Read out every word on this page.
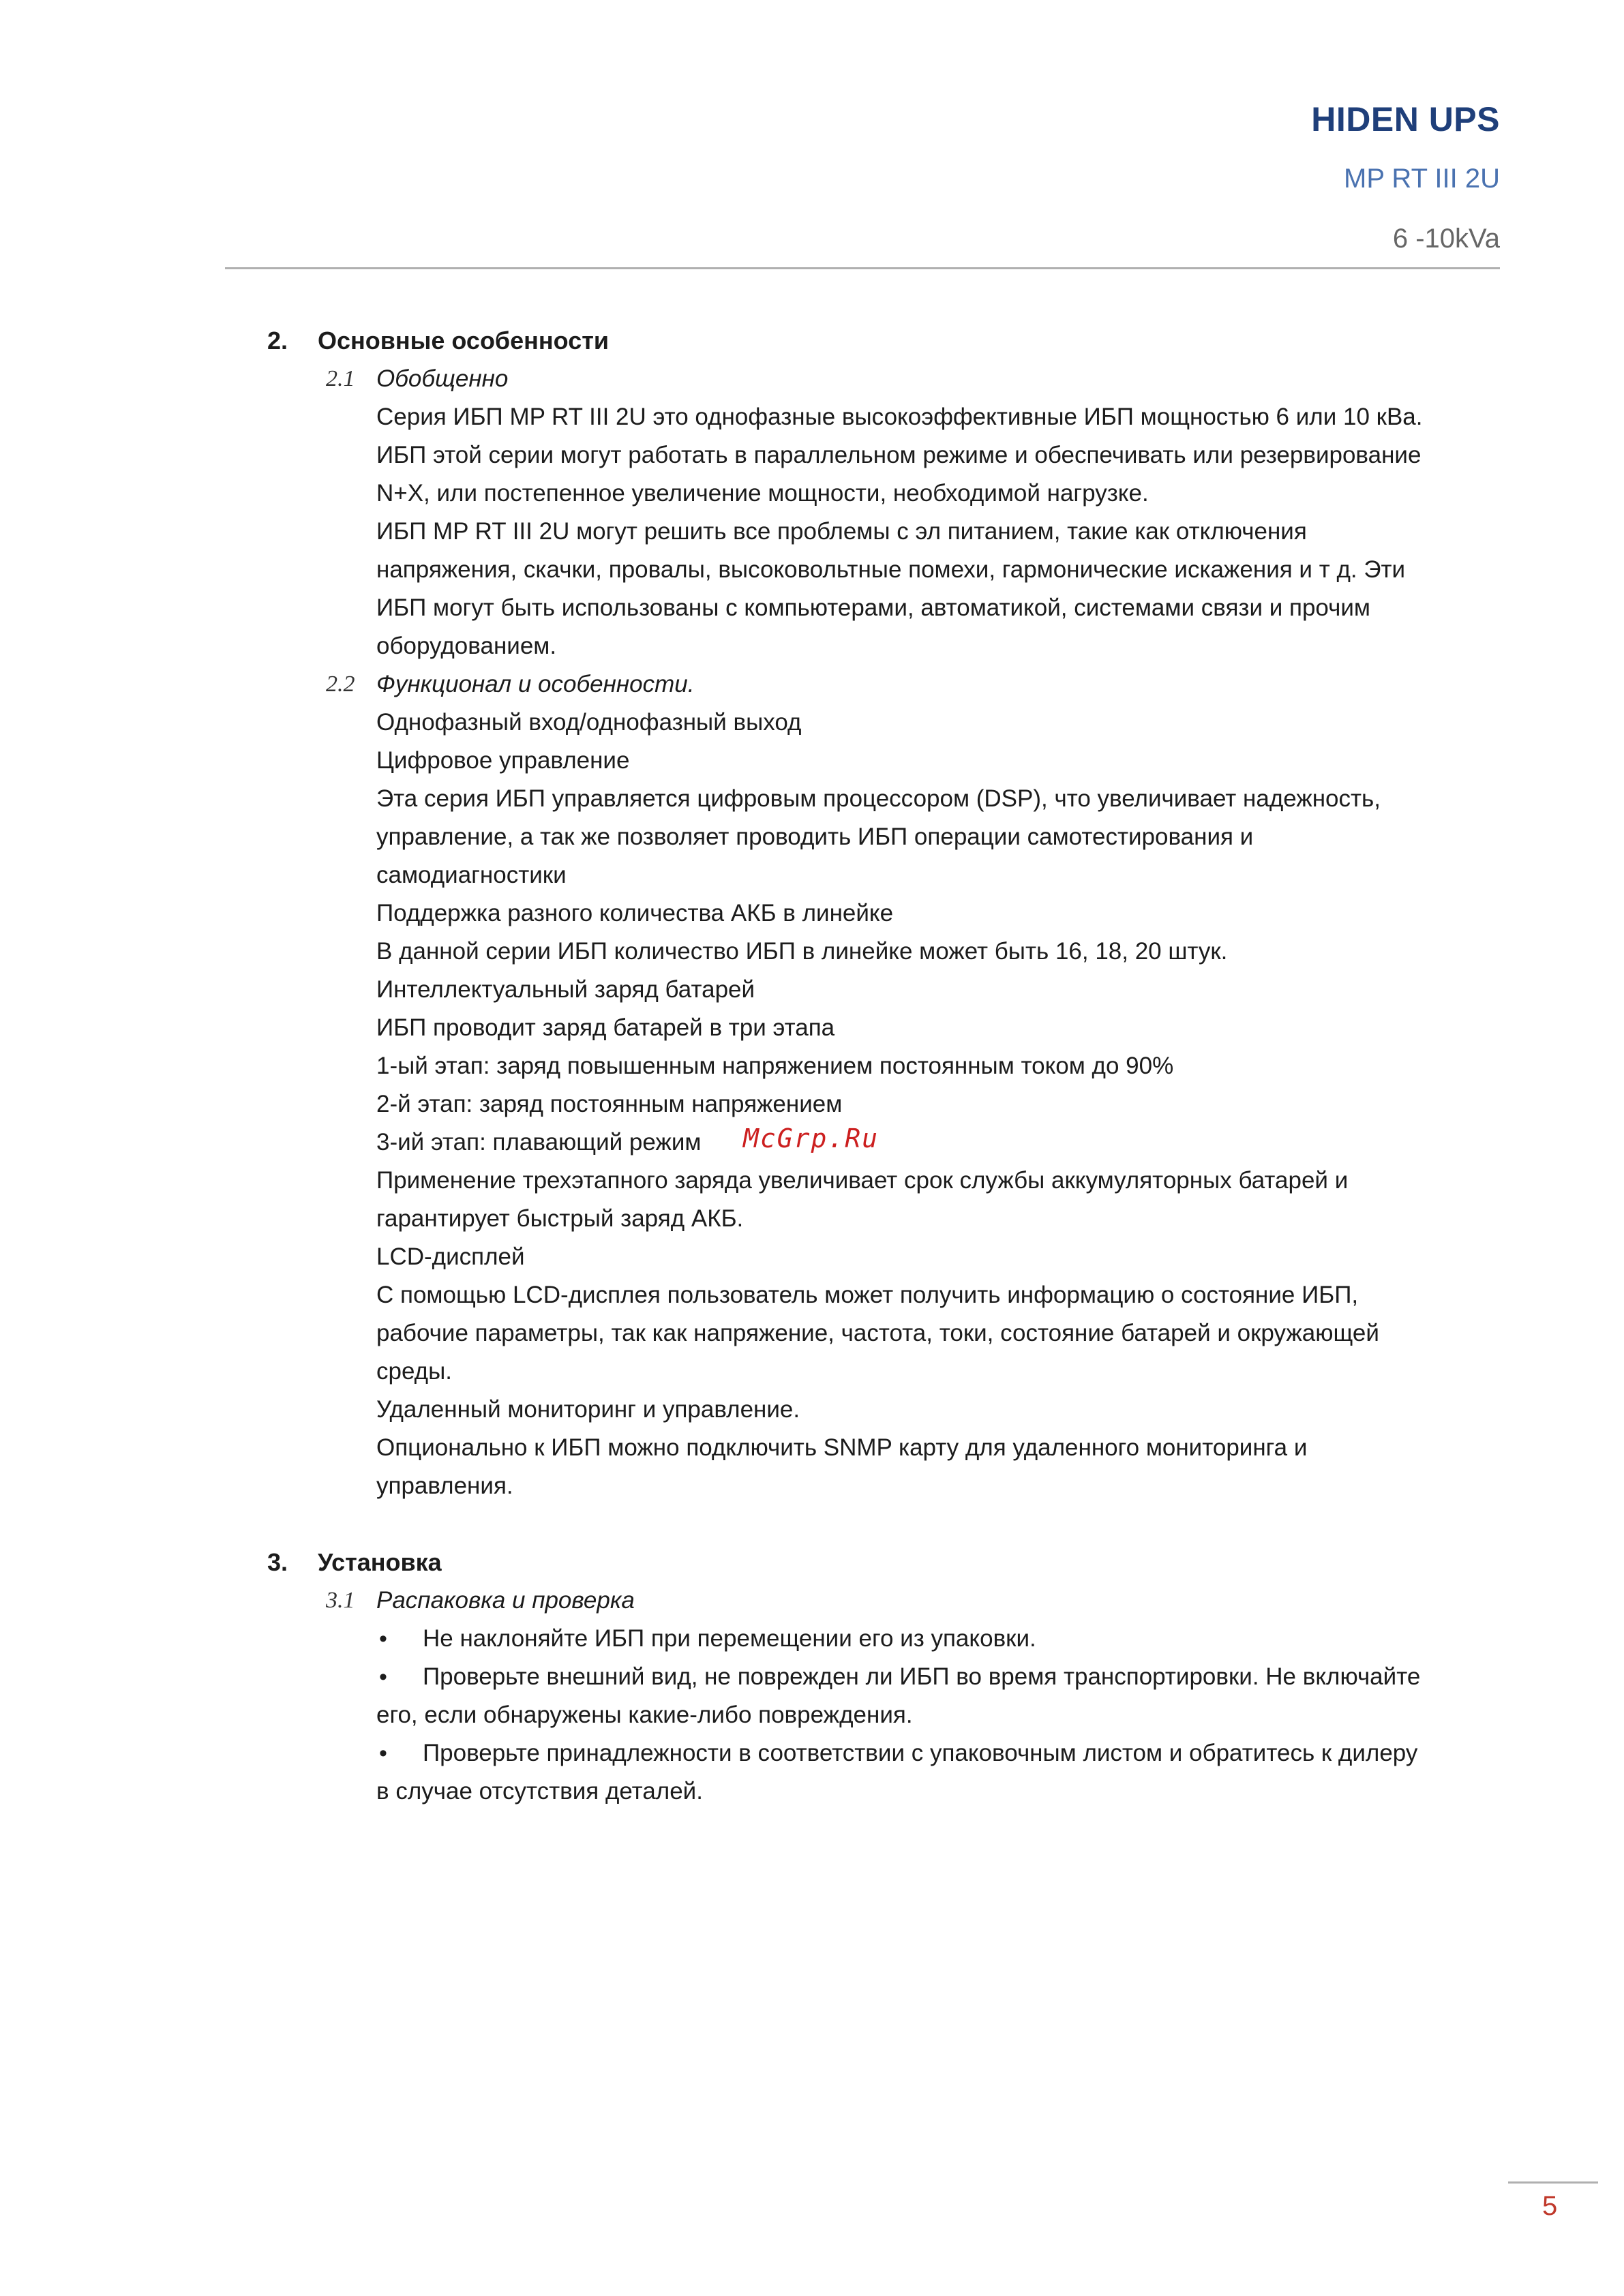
HIDEN UPS
MP RT III 2U
6 -10kVa
2. Основные особенности
2.1 Обобщенно
Серия ИБП MP RT III 2U это однофазные высокоэффективные ИБП мощностью 6 или 10 кВа.
ИБП этой серии могут работать в параллельном режиме и обеспечивать или резервирование
N+X, или постепенное увеличение мощности, необходимой нагрузке.
ИБП MP RT III 2U могут решить все проблемы с эл питанием, такие как отключения
напряжения, скачки, провалы, высоковольтные помехи, гармонические искажения и т д. Эти
ИБП могут быть использованы с компьютерами, автоматикой, системами связи и прочим
оборудованием.
2.2 Функционал и особенности.
Однофазный вход/однофазный выход
Цифровое управление
Эта серия ИБП управляется цифровым процессором (DSP), что увеличивает надежность,
управление, а так же позволяет проводить ИБП операции самотестирования и
самодиагностики
Поддержка разного количества АКБ в линейке
В данной серии ИБП количество ИБП в линейке может быть 16, 18, 20 штук.
Интеллектуальный заряд батарей
ИБП проводит заряд батарей в три этапа
1-ый этап: заряд повышенным напряжением постоянным током до 90%
2-й этап: заряд постоянным напряжением
3-ий этап: плавающий режим
Применение трехэтапного заряда увеличивает срок службы аккумуляторных батарей и
гарантирует быстрый заряд АКБ.
LCD-дисплей
С помощью LCD-дисплея пользователь может получить информацию о состояние ИБП,
рабочие параметры, так как напряжение, частота, токи, состояние батарей и окружающей
среды.
Удаленный мониторинг и управление.
Опционально к ИБП можно подключить SNMP карту для удаленного мониторинга и
управления.
3. Установка
3.1 Распаковка и проверка
• Не наклоняйте ИБП при перемещении его из упаковки.
• Проверьте внешний вид, не поврежден ли ИБП во время транспортировки. Не включайте
его, если обнаружены какие-либо повреждения.
• Проверьте принадлежности в соответствии с упаковочным листом и обратитесь к дилеру
в случае отсутствия деталей.
McGrp.Ru
5
